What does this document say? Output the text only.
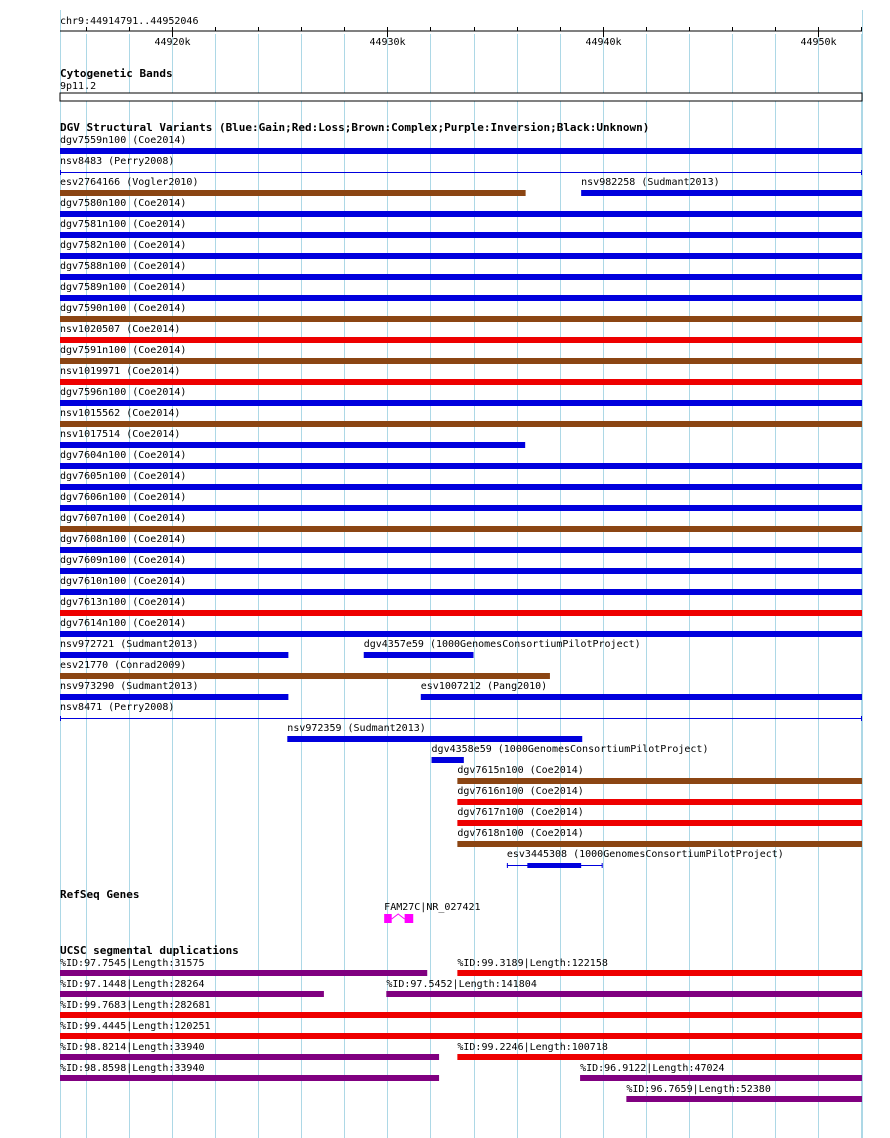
chr9:44914791..44952046
44920k	44930k	44940k	44950k
Cytogenetic Bands
9p11.2
DGV Structural Variants (Blue:Gain;Red:Loss;Brown:Complex;Purple:Inversion;Black:Unknown)
dgv7559n100 (Coe2014)
nsv8483 (Perry2008)
esv2764166 (Vogler2010)	nsv982258 (Sudmant2013)
dgv7580n100 (Coe2014)
dgv7581n100 (Coe2014)
dgv7582n100 (Coe2014)
dgv7588n100 (Coe2014)
dgv7589n100 (Coe2014)
dgv7590n100 (Coe2014)
nsv1020507 (Coe2014)
dgv7591n100 (Coe2014)
nsv1019971 (Coe2014)
dgv7596n100 (Coe2014)
nsv1015562 (Coe2014)
nsv1017514 (Coe2014)
dgv7604n100 (Coe2014)
dgv7605n100 (Coe2014)
dgv7606n100 (Coe2014)
dgv7607n100 (Coe2014)
dgv7608n100 (Coe2014)
dgv7609n100 (Coe2014)
dgv7610n100 (Coe2014)
dgv7613n100 (Coe2014)
dgv7614n100 (Coe2014)
nsv972721 (Sudmant2013)	dgv4357e59 (1000GenomesConsortiumPilotProject)
esv21770 (Conrad2009)
nsv973290 (Sudmant2013)	esv1007212 (Pang2010)
nsv8471 (Perry2008)
nsv972359 (Sudmant2013)
dgv4358e59 (1000GenomesConsortiumPilotProject)
dgv7615n100 (Coe2014)
dgv7616n100 (Coe2014)
dgv7617n100 (Coe2014)
dgv7618n100 (Coe2014)
esv3445308 (1000GenomesConsortiumPilotProject)
RefSeq Genes
FAM27C|NR_027421
UCSC segmental duplications
%ID:97.7545|Length:31575	%ID:99.3189|Length:122158
%ID:97.1448|Length:28264	%ID:97.5452|Length:141804
%ID:99.7683|Length:282681
%ID:99.4445|Length:120251
%ID:98.8214|Length:33940	%ID:99.2246|Length:100718
%ID:96.9122|Length:47024
%ID:98.8598|Length:33940
%ID:96.7659|Length:52380
